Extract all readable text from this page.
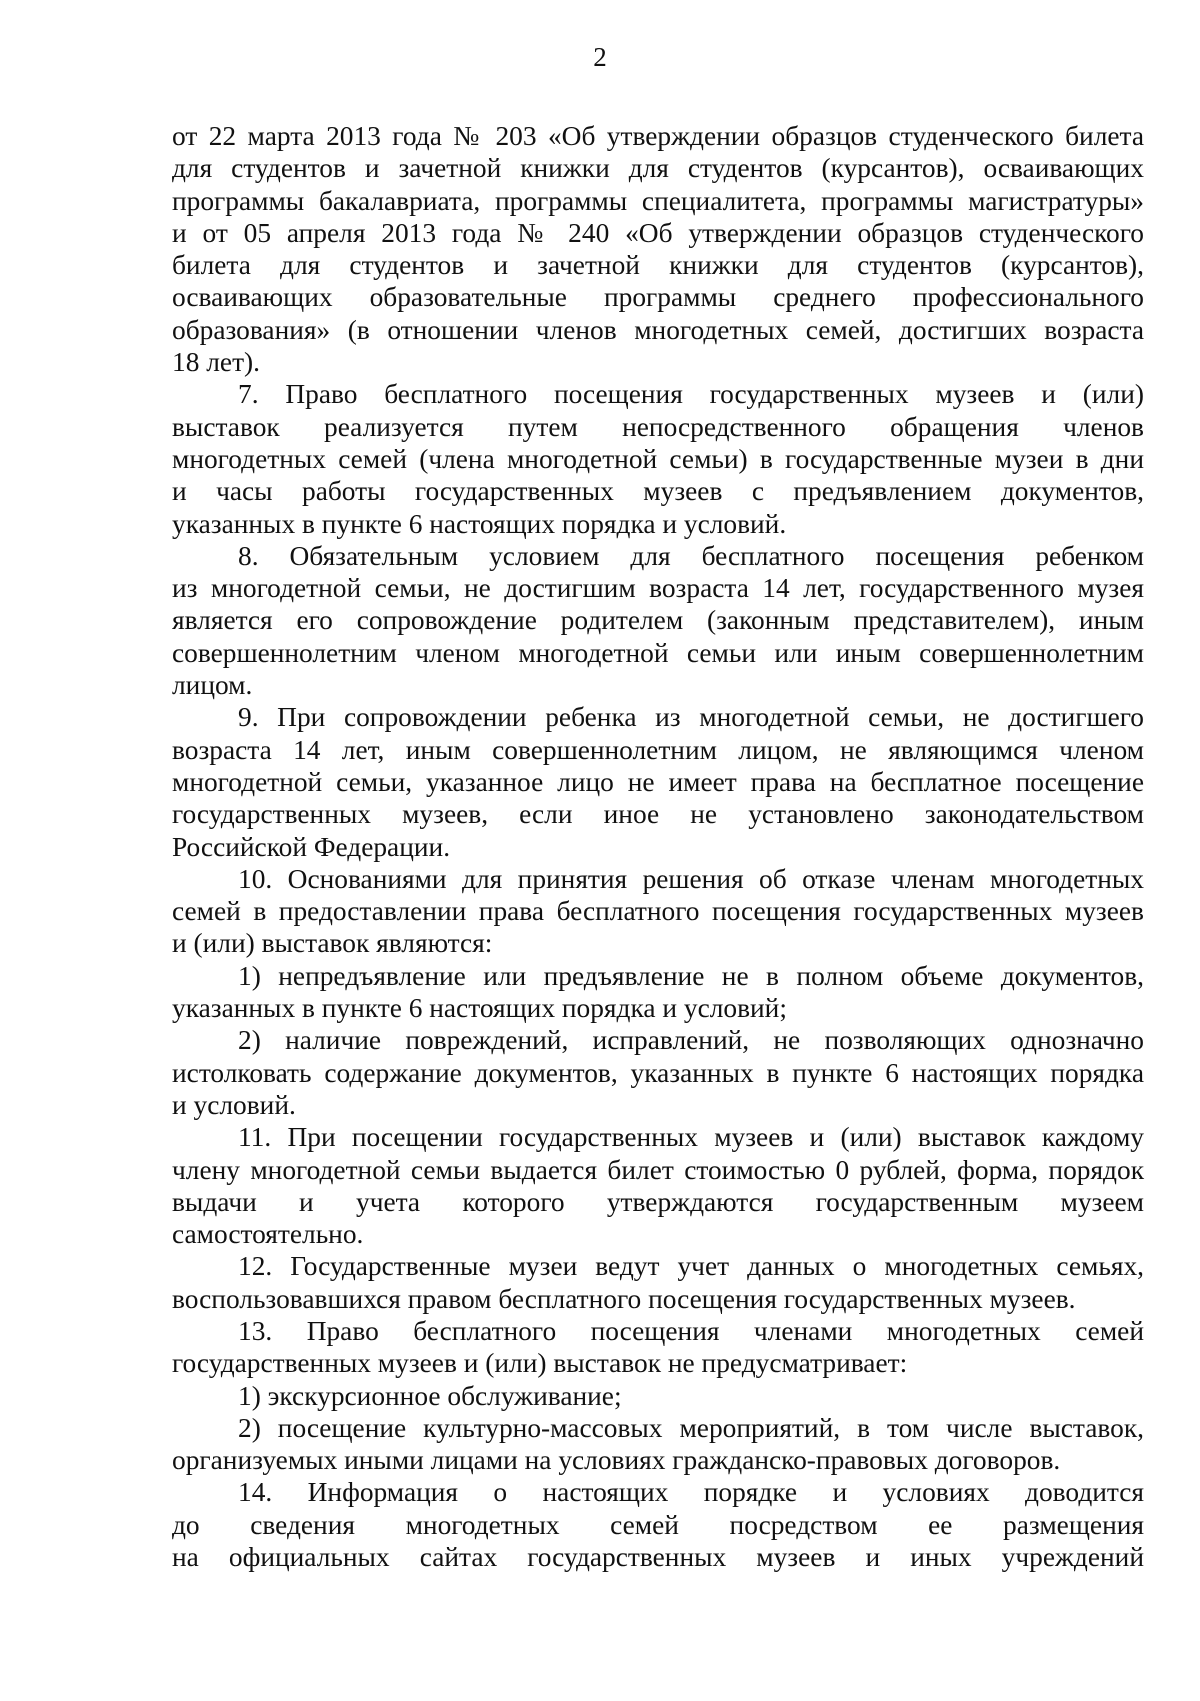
2

от 22 марта 2013 года № 203 «Об утверждении образцов студенческого билета
для студентов и зачетной книжки для студентов (курсантов), осваивающих
программы бакалавриата, программы специалитета, программы магистратуры»
и от 05 апреля 2013 года № 240 «Об утверждении образцов студенческого
билета для студентов и зачетной книжки для студентов (курсантов),
осваивающих образовательные программы среднего профессионального
образования» (в отношении членов многодетных семей, достигших возраста
18 лет).

7. Право бесплатного посещения государственных музеев и (или)
выставок реализуется путем непосредственного обращения членов
многодетных семей (члена многодетной семьи) в государственные музеи в дни
и часы работы государственных музеев с предъявлением документов,
указанных в пункте 6 настоящих порядка и условий.

8. Обязательным условием для бесплатного посещения ребенком
из многодетной семьи, не достигшим возраста 14 лет, государственного музея
является его сопровождение родителем (законным представителем), иным
совершеннолетним членом многодетной семьи или иным совершеннолетним
лицом.

9. При сопровождении ребенка из многодетной семьи, не достигшего
возраста 14 лет, иным совершеннолетним лицом, не являющимся членом
многодетной семьи, указанное лицо не имеет права на бесплатное посещение
государственных музеев, если иное не установлено законодательством
Российской Федерации.

10. Основаниями для принятия решения об отказе членам многодетных
семей в предоставлении права бесплатного посещения государственных музеев
и (или) выставок являются:

1) непредъявление или предъявление не в полном объеме документов,
указанных в пункте 6 настоящих порядка и условий;

2) наличие повреждений, исправлений, не позволяющих однозначно
истолковать содержание документов, указанных в пункте 6 настоящих порядка
и условий.

11. При посещении государственных музеев и (или) выставок каждому
члену многодетной семьи выдается билет стоимостью 0 рублей, форма, порядок
выдачи и учета которого утверждаются государственным музеем
самостоятельно.

12. Государственные музеи ведут учет данных о многодетных семьях,
воспользовавшихся правом бесплатного посещения государственных музеев.

13. Право бесплатного посещения членами многодетных семей
государственных музеев и (или) выставок не предусматривает:

1) экскурсионное обслуживание;

2) посещение культурно-массовых мероприятий, в том числе выставок,
организуемых иными лицами на условиях гражданско-правовых договоров.

14. Информация о настоящих порядке и условиях доводится
до сведения многодетных семей посредством ее размещения
на официальных сайтах государственных музеев и иных учреждений
